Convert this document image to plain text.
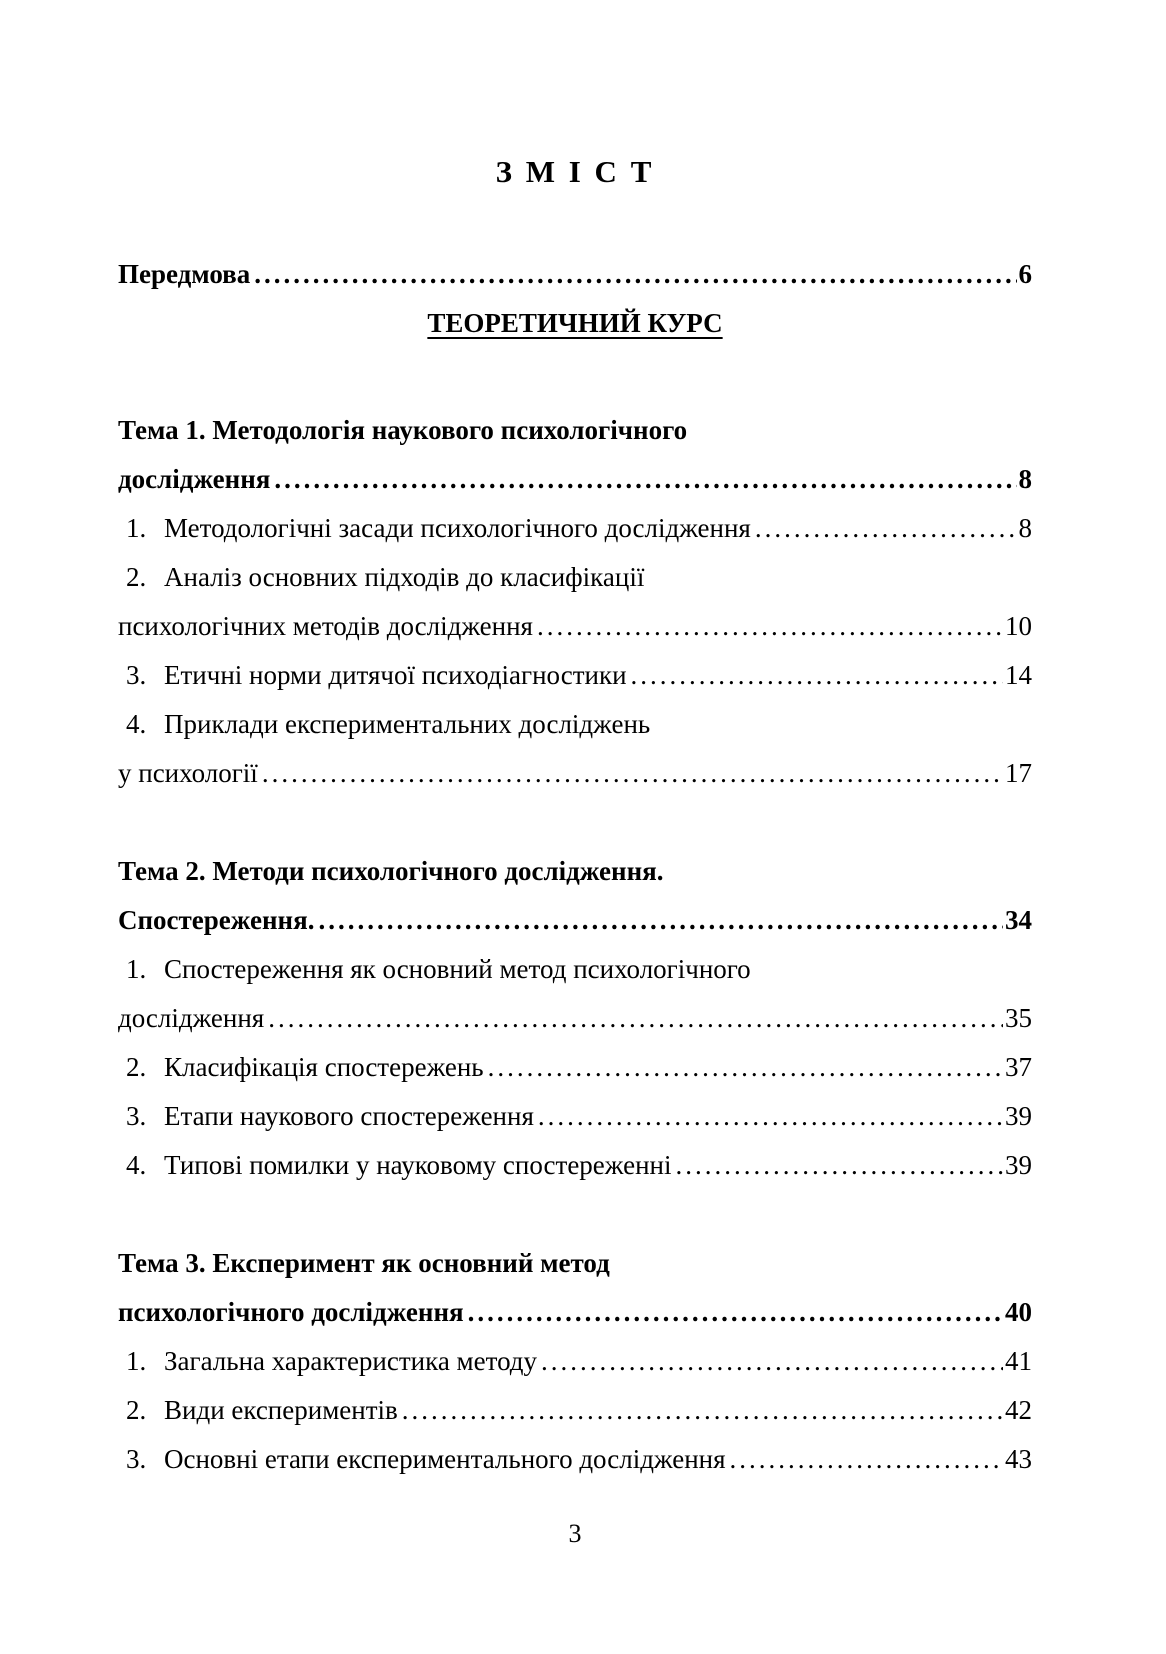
З М І С Т
Передмова .....	6
ТЕОРЕТИЧНИЙ КУРС
Тема 1. Методологія наукового психологічного
дослідження .....	8
1. Методологічні засади психологічного дослідження .....	8
2. Аналіз основних підходів до класифікації
психологічних методів дослідження .....	10
3. Етичні норми дитячої психодіагностики .....	14
4. Приклади експериментальних досліджень
у психології .....	17
Тема 2. Методи психологічного дослідження.
Спостереження. .....	34
1. Спостереження як основний метод психологічного
дослідження .....	35
2. Класифікація спостережень .....	37
3. Етапи наукового спостереження .....	39
4. Типові помилки у науковому спостереженні .....	39
Тема 3. Експеримент як основний метод
психологічного дослідження .....	40
1. Загальна характеристика методу .....	41
2. Види експериментів .....	42
3. Основні етапи експериментального дослідження .....	43
3
